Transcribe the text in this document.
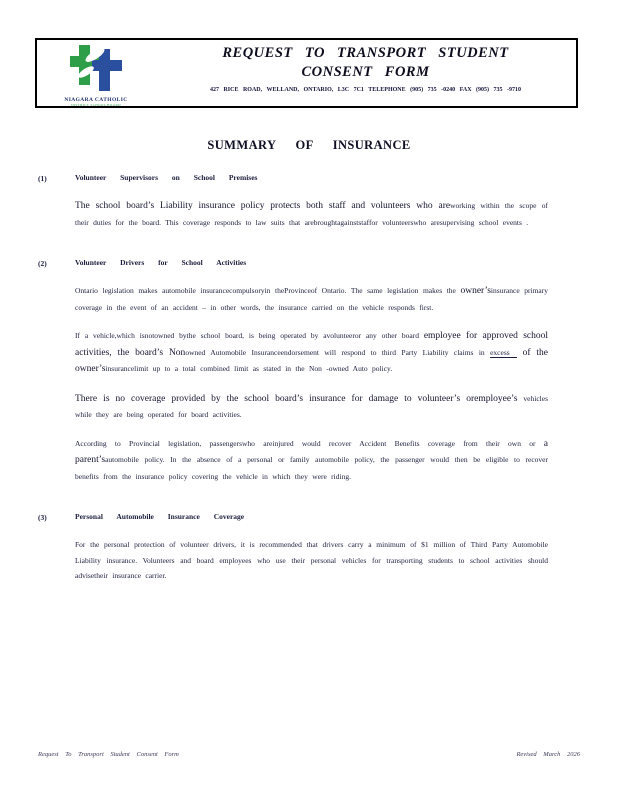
NIAGARA CATHOLIC
DISTRICT SCHOOL BOARD
REQUEST TO TRANSPORT STUDENT
CONSENT FORM
427 RICE ROAD, WELLAND, ONTARIO, L3C 7C1 TELEPHONE (905) 735 -0240 FAX (905) 735 -9710
SUMMARY OF INSURANCE
(1)	Volunteer Supervisors on School Premises

The school board’s Liability insurance policy protects both staff and volunteers who areworking within the scope of their duties for the board. This coverage responds to law suits that arebroughtagainststaffor volunteerswho aresupervising school events .

(2)	Volunteer Drivers for School Activities

Ontario legislation makes automobile insurancecompulsoryin theProvinceof Ontario. The same legislation makes the owner’sinsurance primary coverage in the event of an accident – in other words, the insurance carried on the vehicle responds first.

If a vehicle,which isnotowned bythe school board, is being operated by avolunteeror any other board employee for approved school activities, the board’s Nonowned Automobile Insuranceendorsement will respond to third Party Liability claims in excess of the owner’sinsurancelimit up to a total combined limit as stated in the Non -owned Auto policy.

There is no coverage provided by the school board’s insurance for damage to volunteer’s oremployee’s vehicles while they are being operated for board activities.

According to Provincial legislation, passengerswho areinjured would recover Accident Benefits coverage from their own or a parent’sautomobile policy. In the absence of a personal or family automobile policy, the passenger would then be eligible to recover benefits from the insurance policy covering the vehicle in which they were riding.

(3)	Personal Automobile Insurance Coverage

For the personal protection of volunteer drivers, it is recommended that drivers carry a minimum of $1 million of Third Party Automobile Liability insurance. Volunteers and board employees who use their personal vehicles for transporting students to school activities should advisetheir insurance carrier.

Request To Transport Student Consent Form	Revised March 2026
